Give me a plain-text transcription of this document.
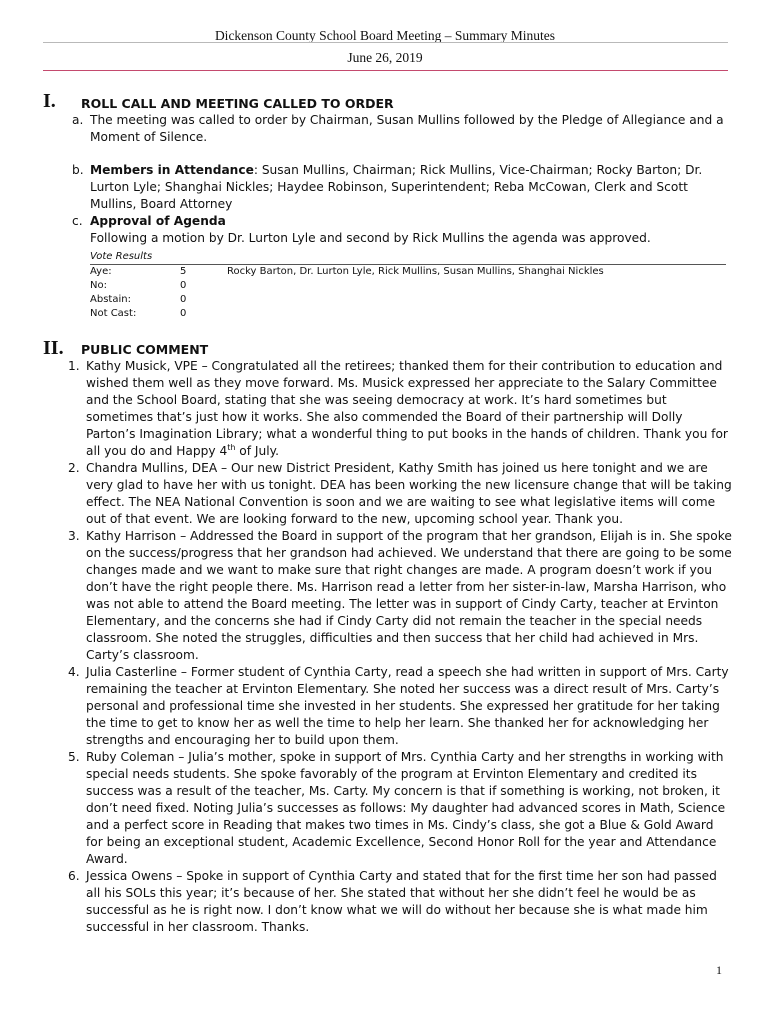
Dickenson County School Board Meeting – Summary Minutes
June 26, 2019
I. ROLL CALL AND MEETING CALLED TO ORDER
a. The meeting was called to order by Chairman, Susan Mullins followed by the Pledge of Allegiance and a Moment of Silence.
b. Members in Attendance: Susan Mullins, Chairman; Rick Mullins, Vice-Chairman; Rocky Barton; Dr. Lurton Lyle; Shanghai Nickles; Haydee Robinson, Superintendent; Reba McCowan, Clerk and Scott Mullins, Board Attorney
c. Approval of Agenda
Following a motion by Dr. Lurton Lyle and second by Rick Mullins the agenda was approved.
Vote Results
Aye:	5	Rocky Barton, Dr. Lurton Lyle, Rick Mullins, Susan Mullins, Shanghai Nickles
No:	0
Abstain:	0
Not Cast:	0
II. PUBLIC COMMENT
1. Kathy Musick, VPE – Congratulated all the retirees; thanked them for their contribution to education and wished them well as they move forward. Ms. Musick expressed her appreciate to the Salary Committee and the School Board, stating that she was seeing democracy at work. It’s hard sometimes but sometimes that’s just how it works. She also commended the Board of their partnership will Dolly Parton’s Imagination Library; what a wonderful thing to put books in the hands of children. Thank you for all you do and Happy 4th of July.
2. Chandra Mullins, DEA – Our new District President, Kathy Smith has joined us here tonight and we are very glad to have her with us tonight. DEA has been working the new licensure change that will be taking effect. The NEA National Convention is soon and we are waiting to see what legislative items will come out of that event. We are looking forward to the new, upcoming school year. Thank you.
3. Kathy Harrison – Addressed the Board in support of the program that her grandson, Elijah is in. She spoke on the success/progress that her grandson had achieved. We understand that there are going to be some changes made and we want to make sure that right changes are made. A program doesn’t work if you don’t have the right people there. Ms. Harrison read a letter from her sister-in-law, Marsha Harrison, who was not able to attend the Board meeting. The letter was in support of Cindy Carty, teacher at Ervinton Elementary, and the concerns she had if Cindy Carty did not remain the teacher in the special needs classroom. She noted the struggles, difficulties and then success that her child had achieved in Mrs. Carty’s classroom.
4. Julia Casterline – Former student of Cynthia Carty, read a speech she had written in support of Mrs. Carty remaining the teacher at Ervinton Elementary. She noted her success was a direct result of Mrs. Carty’s personal and professional time she invested in her students. She expressed her gratitude for her taking the time to get to know her as well the time to help her learn. She thanked her for acknowledging her strengths and encouraging her to build upon them.
5. Ruby Coleman – Julia’s mother, spoke in support of Mrs. Cynthia Carty and her strengths in working with special needs students. She spoke favorably of the program at Ervinton Elementary and credited its success was a result of the teacher, Ms. Carty. My concern is that if something is working, not broken, it don’t need fixed. Noting Julia’s successes as follows: My daughter had advanced scores in Math, Science and a perfect score in Reading that makes two times in Ms. Cindy’s class, she got a Blue & Gold Award for being an exceptional student, Academic Excellence, Second Honor Roll for the year and Attendance Award.
6. Jessica Owens – Spoke in support of Cynthia Carty and stated that for the first time her son had passed all his SOLs this year; it’s because of her. She stated that without her she didn’t feel he would be as successful as he is right now. I don’t know what we will do without her because she is what made him successful in her classroom. Thanks.
1
